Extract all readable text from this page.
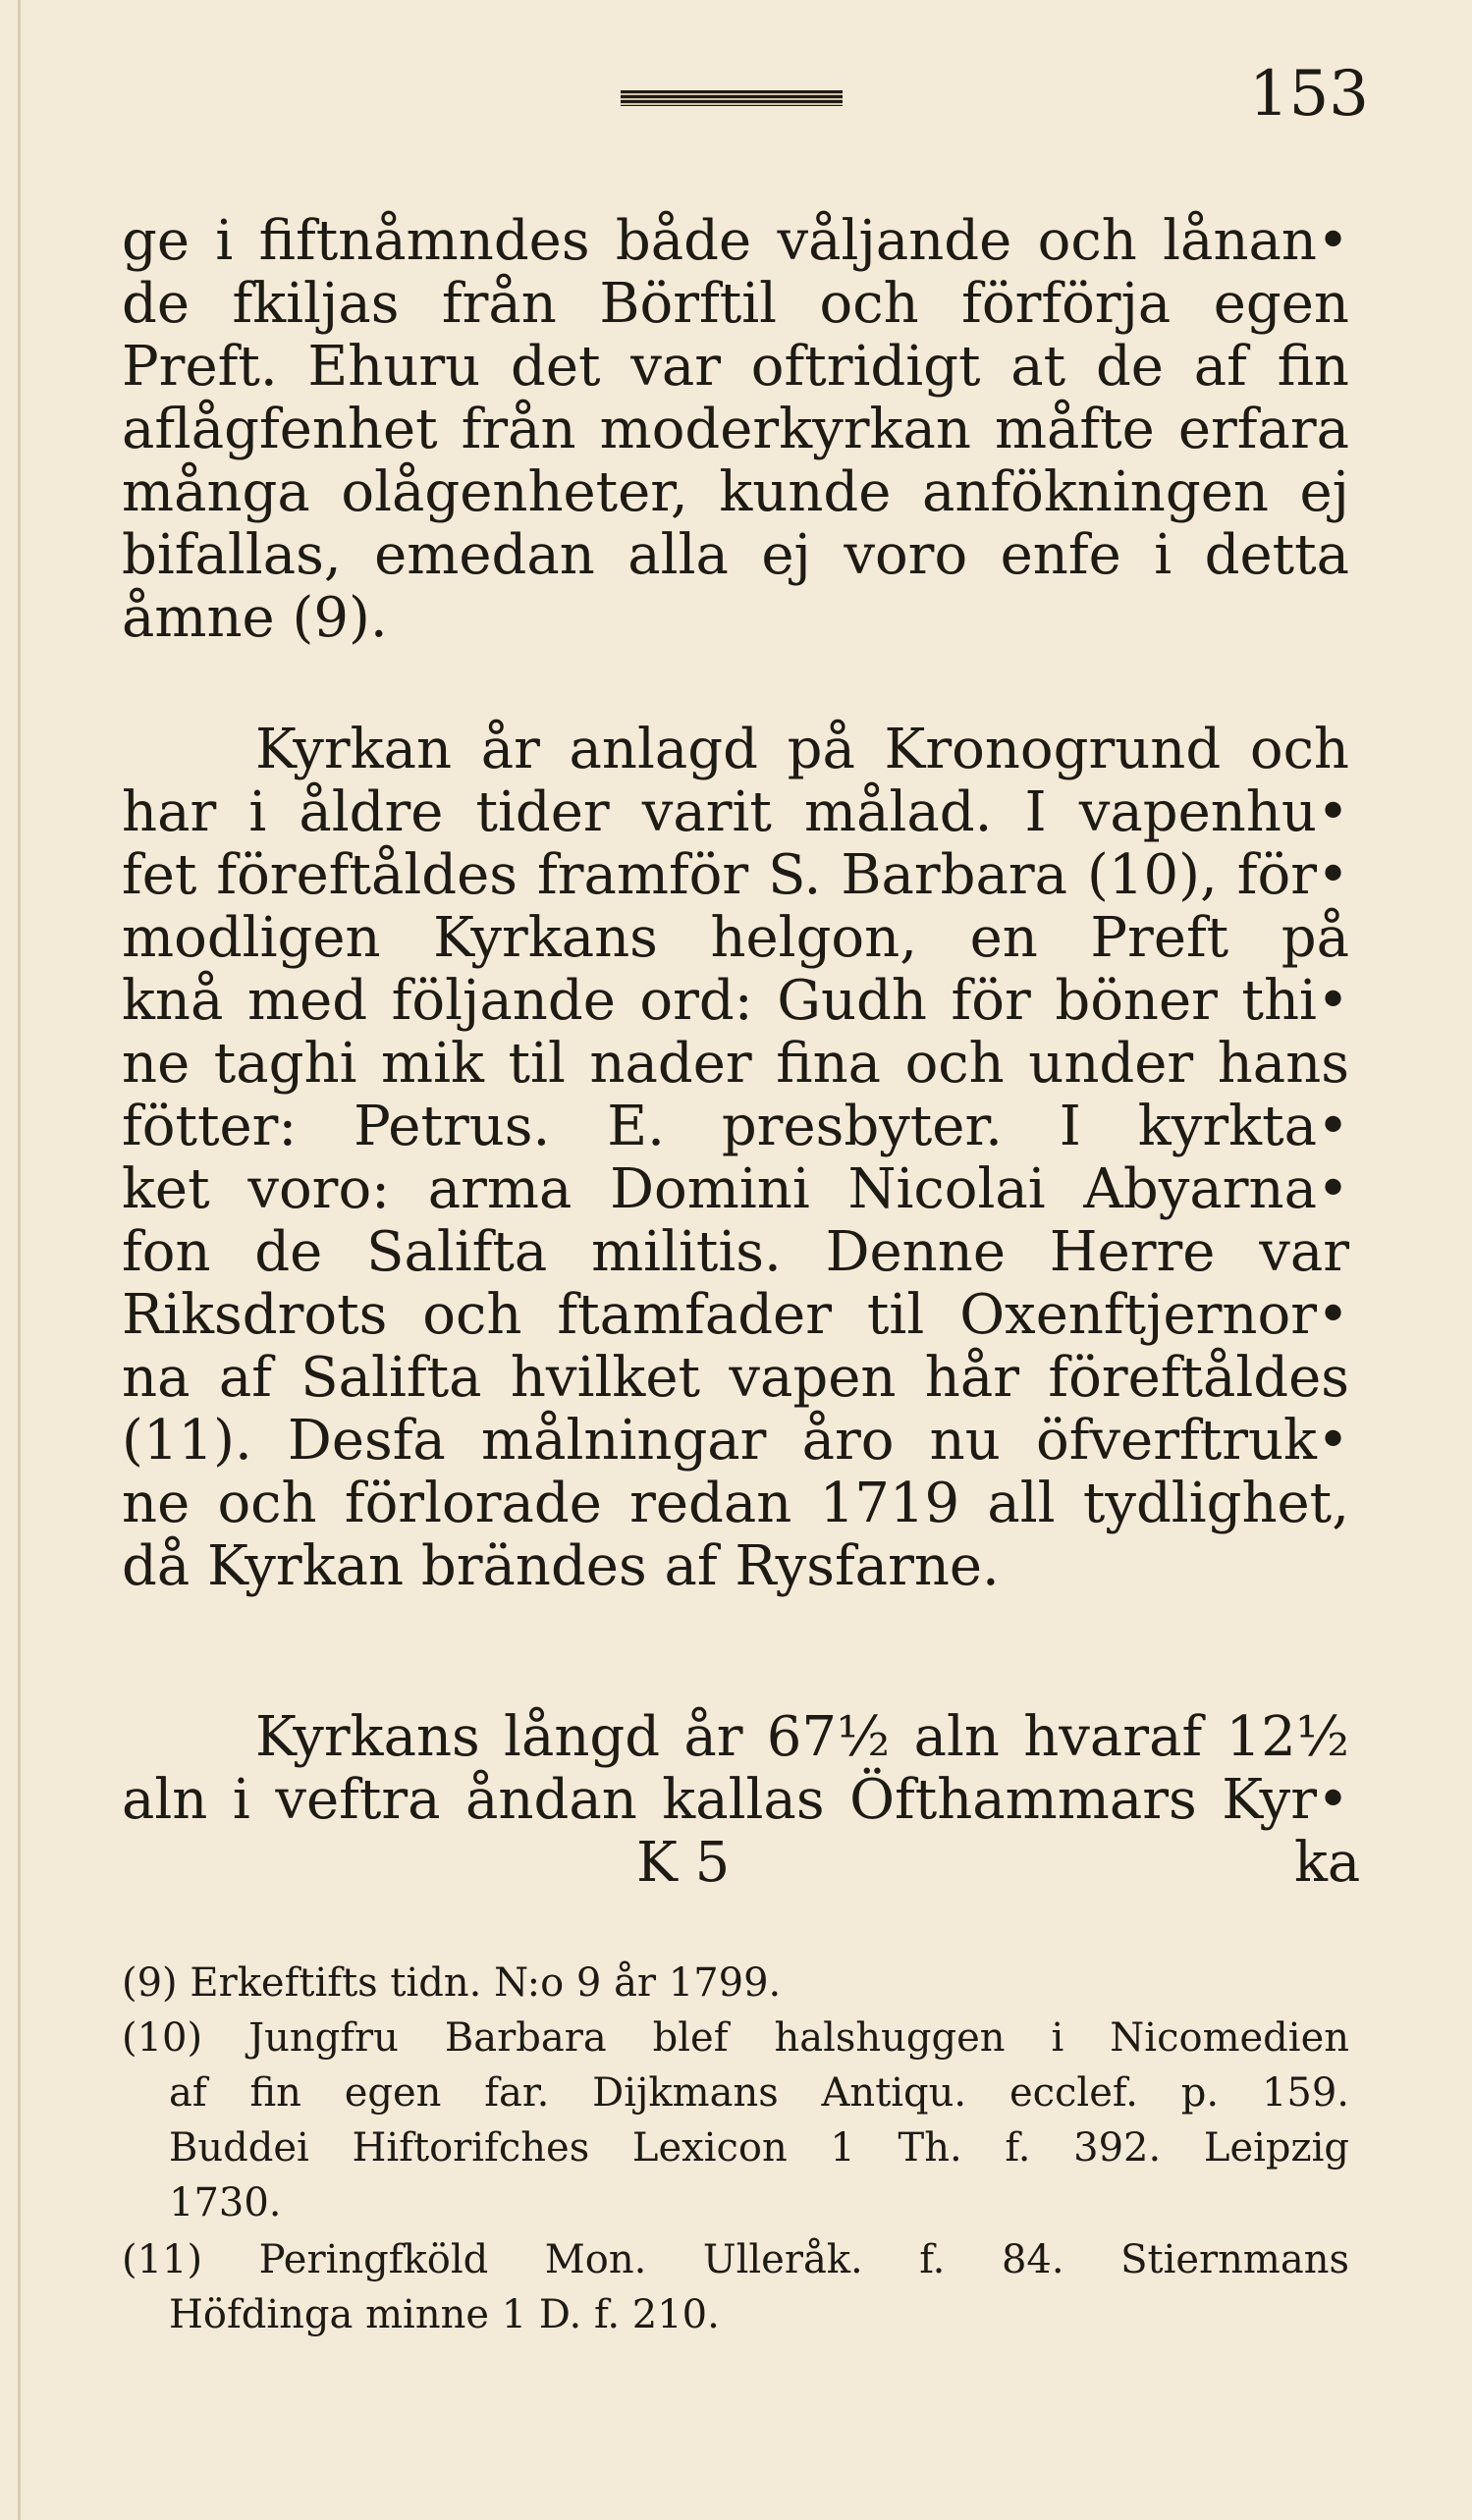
153
ge i fiftnåmndes både våljande och lånan•
de fkiljas från Börftil och förförja egen
Preft. Ehuru det var oftridigt at de af fin
aflågfenhet från moderkyrkan måfte erfara
många olågenheter, kunde anfökningen ej
bifallas, emedan alla ej voro enfe i detta
åmne (9).
Kyrkan år anlagd på Kronogrund och
har i åldre tider varit målad. I vapenhu•
fet föreftåldes framför S. Barbara (10), för•
modligen Kyrkans helgon, en Preft på
knå med följande ord: Gudh för böner thi•
ne taghi mik til nader fina och under hans
fötter: Petrus. E. presbyter. I kyrkta•
ket voro: arma Domini Nicolai Abyarna•
fon de Salifta militis. Denne Herre var
Riksdrots och ftamfader til Oxenftjernor•
na af Salifta hvilket vapen hår föreftåldes
(11). Desfa målningar åro nu öfverftruk•
ne och förlorade redan 1719 all tydlighet,
då Kyrkan brändes af Rysfarne.
Kyrkans långd år 67½ aln hvaraf 12½
aln i veftra åndan kallas Öfthammars Kyr•
K 5	ka
(9) Erkeftifts tidn. N:o 9 år 1799.
(10) Jungfru Barbara blef halshuggen i Nicomedien
af fin egen far. Dijkmans Antiqu. ecclef. p. 159.
Buddei Hiftorifches Lexicon 1 Th. f. 392. Leipzig
1730.
(11) Peringfköld Mon. Ulleråk. f. 84. Stiernmans
Höfdinga minne 1 D. f. 210.
